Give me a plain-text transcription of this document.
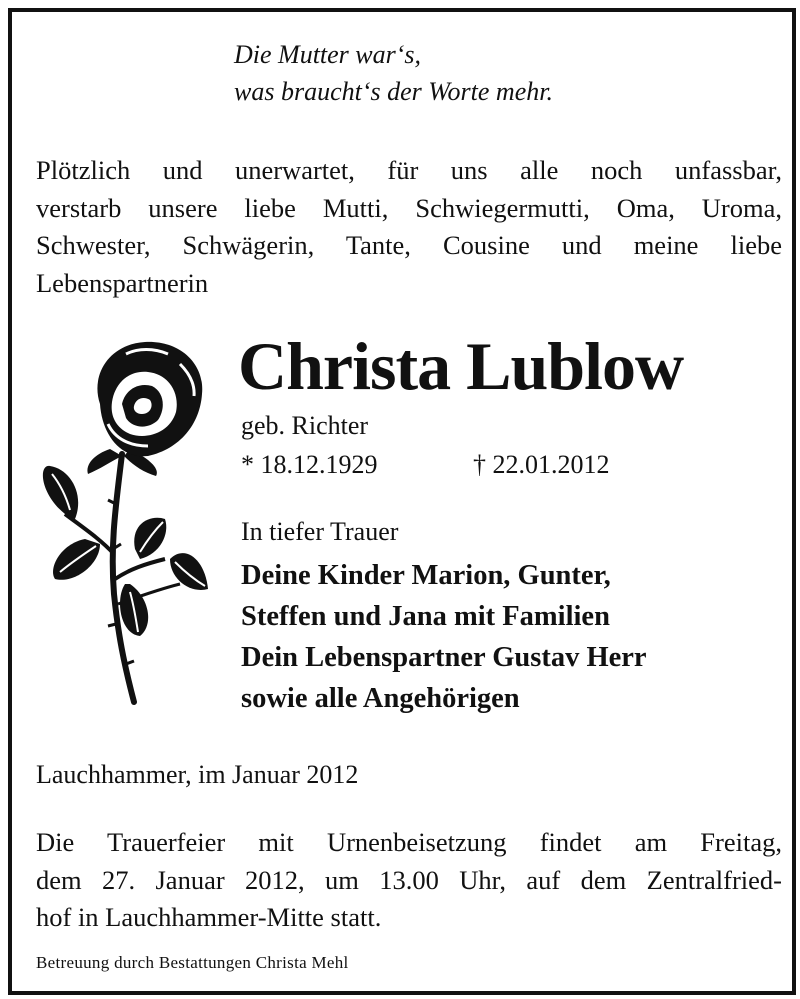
Die Mutter war‘s,
was braucht‘s der Worte mehr.
Plötzlich und unerwartet, für uns alle noch unfassbar,
verstarb unsere liebe Mutti, Schwiegermutti, Oma, Uroma,
Schwester, Schwägerin, Tante, Cousine und meine liebe
Lebenspartnerin
Christa Lublow
geb. Richter
* 18.12.1929	† 22.01.2012
In tiefer Trauer
Deine Kinder Marion, Gunter,
Steffen und Jana mit Familien
Dein Lebenspartner Gustav Herr
sowie alle Angehörigen
Lauchhammer, im Januar 2012
Die Trauerfeier mit Urnenbeisetzung findet am Freitag,
dem 27. Januar 2012, um 13.00 Uhr, auf dem Zentralfried-
hof in Lauchhammer-Mitte statt.
Betreuung durch Bestattungen Christa Mehl
